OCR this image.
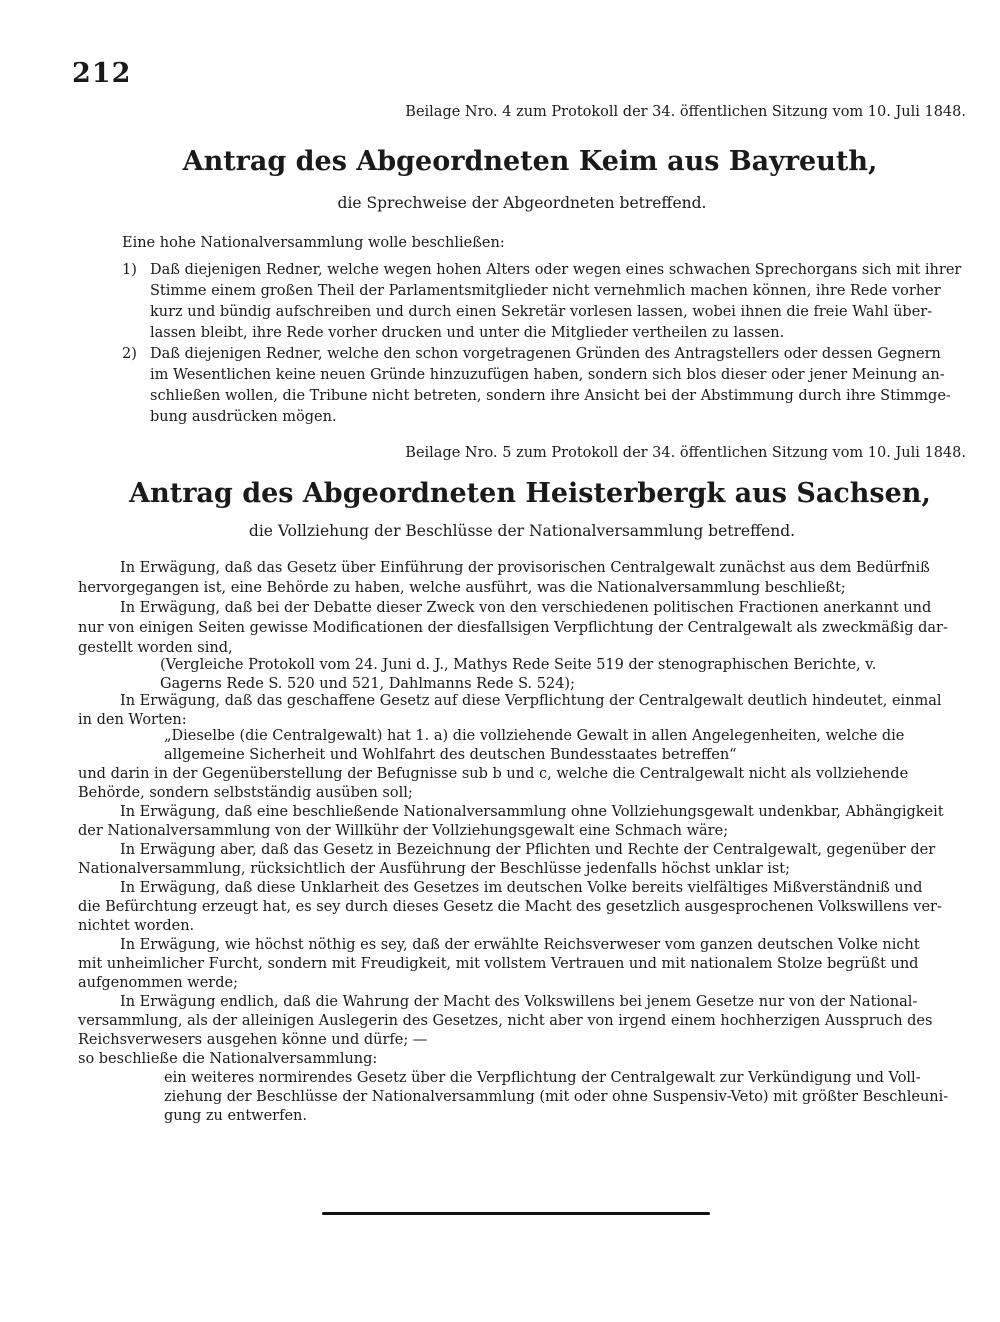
212
Beilage Nro. 4 zum Protokoll der 34. öffentlichen Sitzung vom 10. Juli 1848.
Antrag des Abgeordneten Keim aus Bayreuth,
die Sprechweise der Abgeordneten betreffend.
Eine hohe Nationalversammlung wolle beschließen:
1) Daß diejenigen Redner, welche wegen hohen Alters oder wegen eines schwachen Sprechorgans sich mit ihrer
Stimme einem großen Theil der Parlamentsmitglieder nicht vernehmlich machen können, ihre Rede vorher
kurz und bündig aufschreiben und durch einen Sekretär vorlesen lassen, wobei ihnen die freie Wahl über-
lassen bleibt, ihre Rede vorher drucken und unter die Mitglieder vertheilen zu lassen.
2) Daß diejenigen Redner, welche den schon vorgetragenen Gründen des Antragstellers oder dessen Gegnern
im Wesentlichen keine neuen Gründe hinzuzufügen haben, sondern sich blos dieser oder jener Meinung an-
schließen wollen, die Tribune nicht betreten, sondern ihre Ansicht bei der Abstimmung durch ihre Stimmge-
bung ausdrücken mögen.
Beilage Nro. 5 zum Protokoll der 34. öffentlichen Sitzung vom 10. Juli 1848.
Antrag des Abgeordneten Heisterbergk aus Sachsen,
die Vollziehung der Beschlüsse der Nationalversammlung betreffend.
In Erwägung, daß das Gesetz über Einführung der provisorischen Centralgewalt zunächst aus dem Bedürfniß
hervorgegangen ist, eine Behörde zu haben, welche ausführt, was die Nationalversammlung beschließt;
In Erwägung, daß bei der Debatte dieser Zweck von den verschiedenen politischen Fractionen anerkannt und
nur von einigen Seiten gewisse Modificationen der diesfallsigen Verpflichtung der Centralgewalt als zweckmäßig dar-
gestellt worden sind,
(Vergleiche Protokoll vom 24. Juni d. J., Mathys Rede Seite 519 der stenographischen Berichte, v.
Gagerns Rede S. 520 und 521, Dahlmanns Rede S. 524);
In Erwägung, daß das geschaffene Gesetz auf diese Verpflichtung der Centralgewalt deutlich hindeutet, einmal
in den Worten:
„Dieselbe (die Centralgewalt) hat 1. a) die vollziehende Gewalt in allen Angelegenheiten, welche die
allgemeine Sicherheit und Wohlfahrt des deutschen Bundesstaates betreffen“
und darin in der Gegenüberstellung der Befugnisse sub b und c, welche die Centralgewalt nicht als vollziehende
Behörde, sondern selbstständig ausüben soll;
In Erwägung, daß eine beschließende Nationalversammlung ohne Vollziehungsgewalt undenkbar, Abhängigkeit
der Nationalversammlung von der Willkühr der Vollziehungsgewalt eine Schmach wäre;
In Erwägung aber, daß das Gesetz in Bezeichnung der Pflichten und Rechte der Centralgewalt, gegenüber der
Nationalversammlung, rücksichtlich der Ausführung der Beschlüsse jedenfalls höchst unklar ist;
In Erwägung, daß diese Unklarheit des Gesetzes im deutschen Volke bereits vielfältiges Mißverständniß und
die Befürchtung erzeugt hat, es sey durch dieses Gesetz die Macht des gesetzlich ausgesprochenen Volkswillens ver-
nichtet worden.
In Erwägung, wie höchst nöthig es sey, daß der erwählte Reichsverweser vom ganzen deutschen Volke nicht
mit unheimlicher Furcht, sondern mit Freudigkeit, mit vollstem Vertrauen und mit nationalem Stolze begrüßt und
aufgenommen werde;
In Erwägung endlich, daß die Wahrung der Macht des Volkswillens bei jenem Gesetze nur von der National-
versammlung, als der alleinigen Auslegerin des Gesetzes, nicht aber von irgend einem hochherzigen Ausspruch des
Reichsverwesers ausgehen könne und dürfe; —
so beschließe die Nationalversammlung:
ein weiteres normirendes Gesetz über die Verpflichtung der Centralgewalt zur Verkündigung und Voll-
ziehung der Beschlüsse der Nationalversammlung (mit oder ohne Suspensiv-Veto) mit größter Beschleuni-
gung zu entwerfen.
